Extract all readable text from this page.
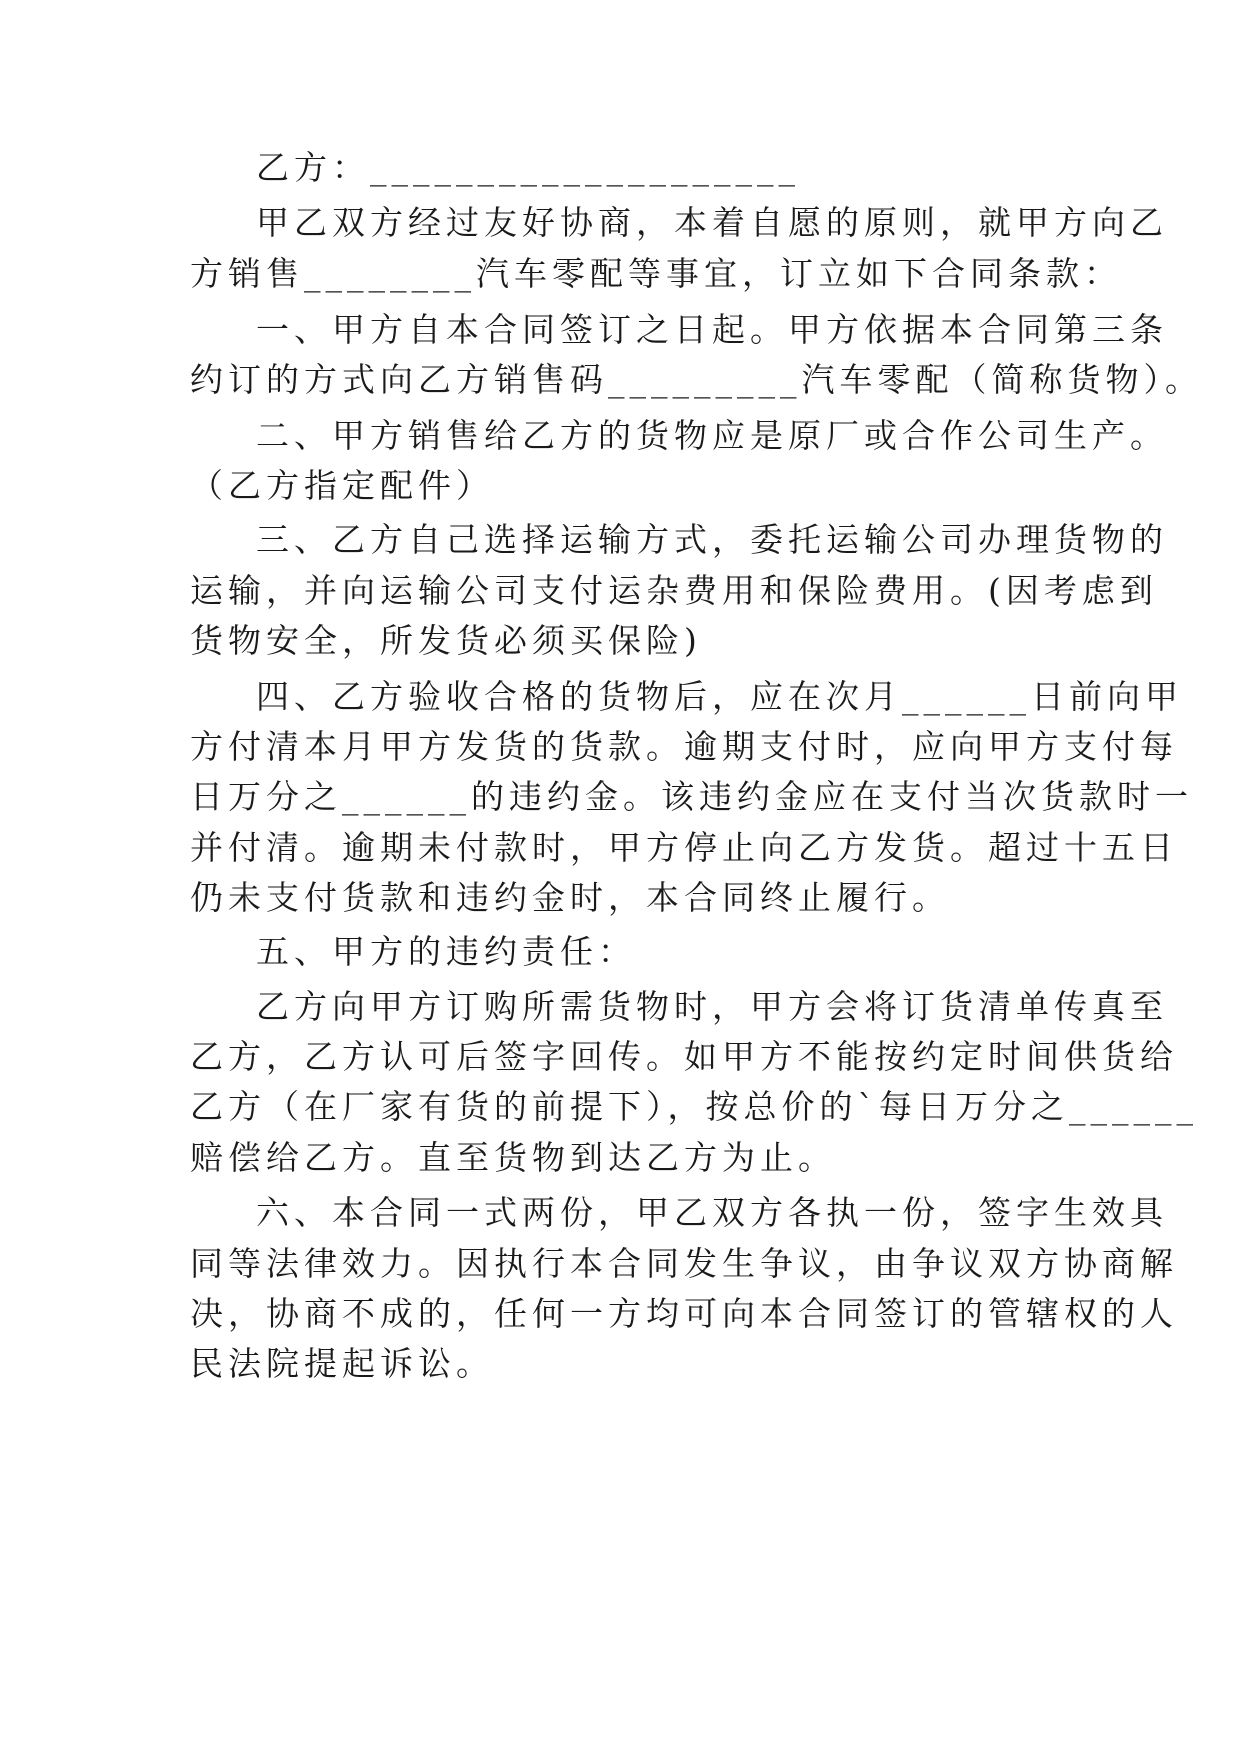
乙方：____________________
甲乙双方经过友好协商，本着自愿的原则，就甲方向乙
方销售________汽车零配等事宜，订立如下合同条款：
一、甲方自本合同签订之日起。甲方依据本合同第三条
约订的方式向乙方销售码_________汽车零配（简称货物）。
二、甲方销售给乙方的货物应是原厂或合作公司生产。
（乙方指定配件）
三、乙方自己选择运输方式，委托运输公司办理货物的
运输，并向运输公司支付运杂费用和保险费用。(因考虑到
货物安全，所发货必须买保险)
四、乙方验收合格的货物后，应在次月______日前向甲
方付清本月甲方发货的货款。逾期支付时，应向甲方支付每
日万分之______的违约金。该违约金应在支付当次货款时一
并付清。逾期未付款时，甲方停止向乙方发货。超过十五日
仍未支付货款和违约金时，本合同终止履行。
五、甲方的违约责任：
乙方向甲方订购所需货物时，甲方会将订货清单传真至
乙方，乙方认可后签字回传。如甲方不能按约定时间供货给
乙方（在厂家有货的前提下），按总价的`每日万分之______
赔偿给乙方。直至货物到达乙方为止。
六、本合同一式两份，甲乙双方各执一份，签字生效具
同等法律效力。因执行本合同发生争议，由争议双方协商解
决，协商不成的，任何一方均可向本合同签订的管辖权的人
民法院提起诉讼。
